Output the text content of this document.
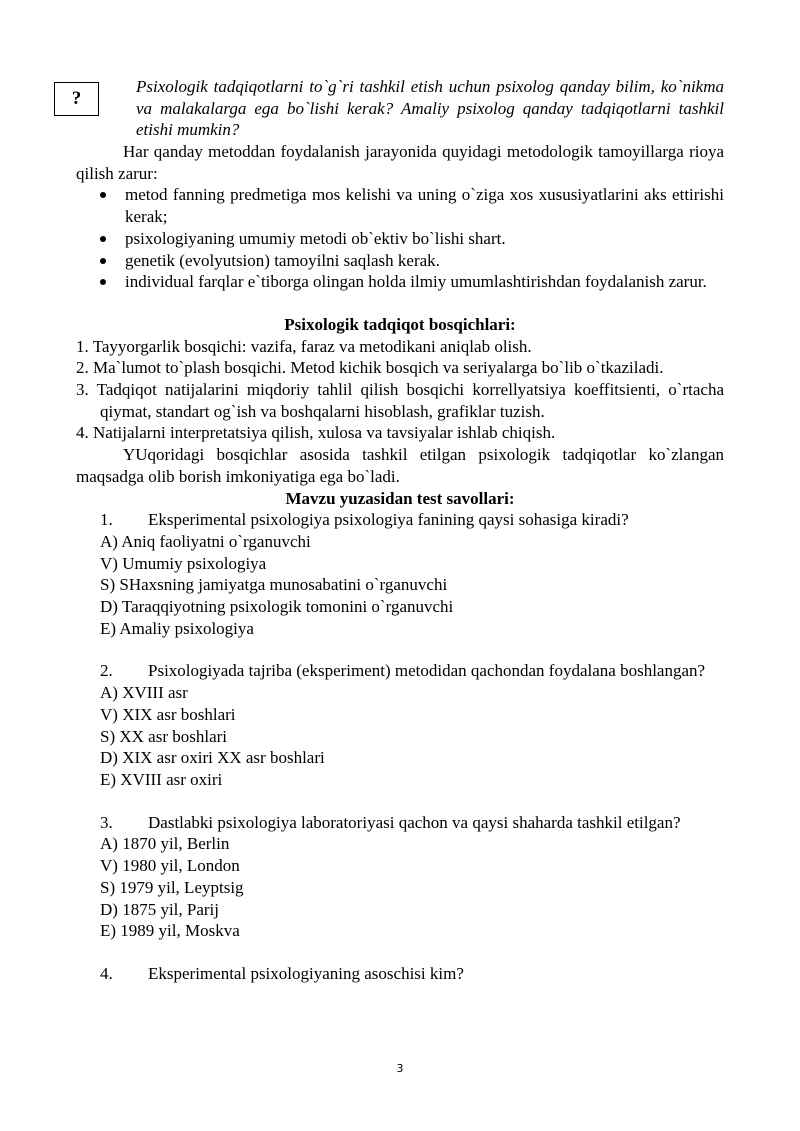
?
Psixologik tadqiqotlarni to`g`ri tashkil etish uchun psixolog qanday bilim, ko`nikma va malakalarga ega bo`lishi kerak? Amaliy psixolog qanday tadqiqotlarni tashkil etishi mumkin?
Har qanday metoddan foydalanish jarayonida quyidagi metodologik tamoyillarga rioya qilish zarur:
metod fanning predmetiga mos kelishi va uning o`ziga xos xususiyatlarini aks ettirishi kerak;
psixologiyaning umumiy metodi ob`ektiv bo`lishi shart.
genetik (evolyutsion) tamoyilni saqlash kerak.
individual farqlar e`tiborga olingan holda ilmiy umumlashtirishdan foydalanish zarur.
Psixologik tadqiqot bosqichlari:
1. Tayyorgarlik bosqichi: vazifa, faraz va metodikani aniqlab olish.
2. Ma`lumot to`plash bosqichi. Metod kichik bosqich va seriyalarga bo`lib o`tkaziladi.
3. Tadqiqot natijalarini miqdoriy tahlil qilish bosqichi korrellyatsiya koeffitsienti, o`rtacha qiymat, standart og`ish va boshqalarni hisoblash, grafiklar tuzish.
4. Natijalarni interpretatsiya qilish, xulosa va tavsiyalar ishlab chiqish.
YUqoridagi bosqichlar asosida tashkil etilgan psixologik tadqiqotlar ko`zlangan maqsadga olib borish imkoniyatiga ega bo`ladi.
Mavzu yuzasidan test savollari:
1. Eksperimental psixologiya psixologiya fanining qaysi sohasiga kiradi?
A) Aniq faoliyatni o`rganuvchi
V) Umumiy psixologiya
S) SHaxsning jamiyatga munosabatini o`rganuvchi
D) Taraqqiyotning psixologik tomonini o`rganuvchi
E) Amaliy psixologiya
2. Psixologiyada tajriba (eksperiment) metodidan qachondan foydalana boshlangan?
A) XVIII asr
V) XIX asr boshlari
S) XX asr boshlari
D) XIX asr oxiri XX asr boshlari
E) XVIII asr oxiri
3. Dastlabki psixologiya laboratoriyasi qachon va qaysi shaharda tashkil etilgan?
A) 1870 yil, Berlin
V) 1980 yil, London
S) 1979 yil, Leyptsig
D) 1875 yil, Parij
E) 1989 yil, Moskva
4. Eksperimental psixologiyaning asoschisi kim?
3
